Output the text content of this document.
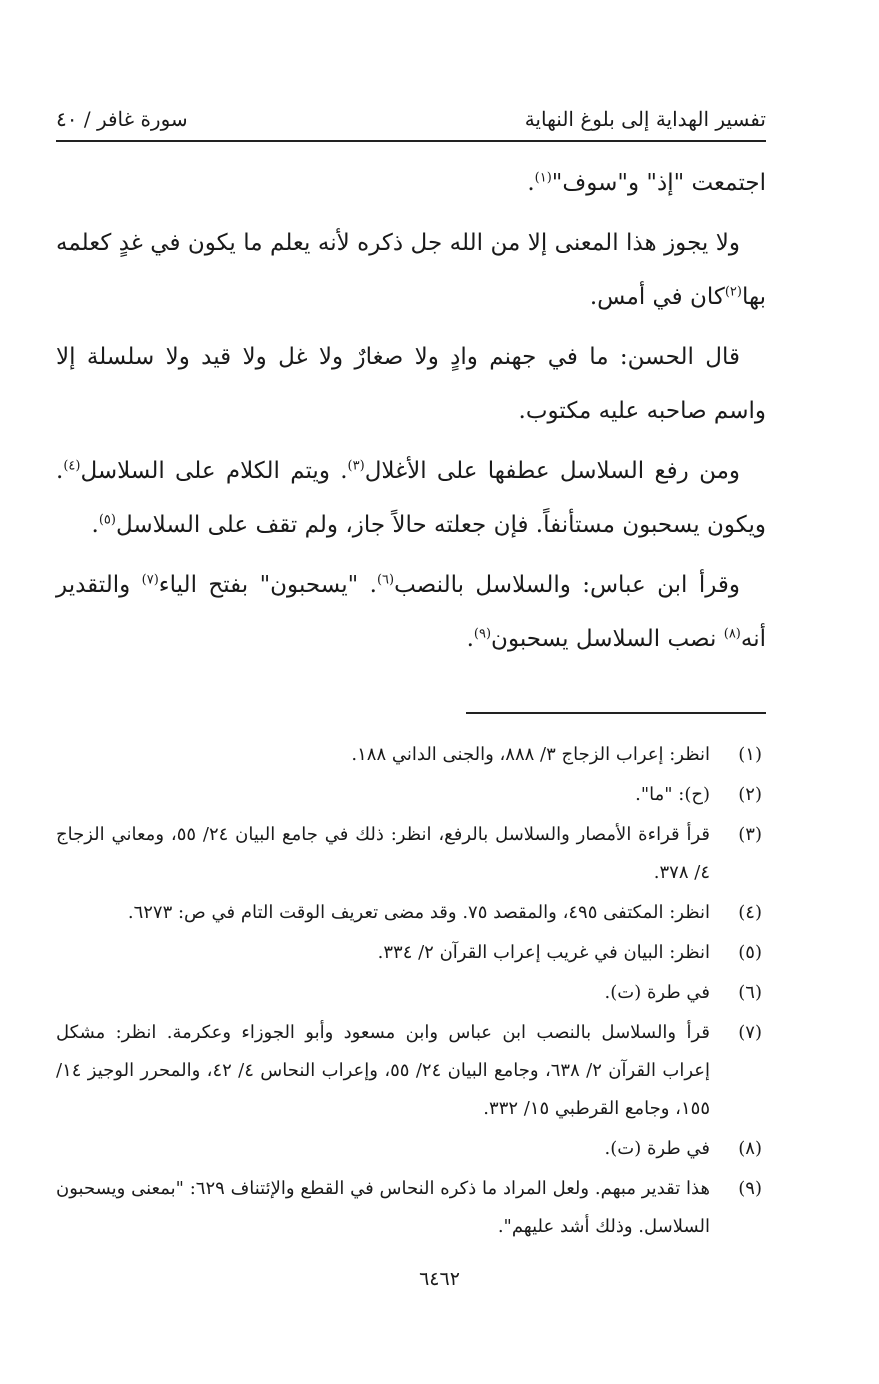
تفسير الهداية إلى بلوغ النهاية
سورة غافر / ٤٠

اجتمعت "إذ" و"سوف"$^{(١)}$.

ولا يجوز هذا المعنى إلا من الله جل ذكره لأنه يعلم ما يكون في غدٍ كعلمه بها$^{(٢)}$كان في أمس.

قال الحسن: ما في جهنم وادٍ ولا صغارٌ ولا غل ولا قيد ولا سلسلة إلا واسم صاحبه عليه مكتوب.

ومن رفع السلاسل عطفها على الأغلال$^{(٣)}$. ويتم الكلام على السلاسل$^{(٤)}$. ويكون يسحبون مستأنفاً. فإن جعلته حالاً جاز، ولم تقف على السلاسل$^{(٥)}$.

وقرأ ابن عباس: والسلاسل بالنصب$^{(٦)}$. "يسحبون" بفتح الياء$^{(٧)}$ والتقدير أنه$^{(٨)}$ نصب السلاسل يسحبون$^{(٩)}$.

(١)
انظر: إعراب الزجاج ٣/ ٨٨٨، والجنى الداني ١٨٨.
(٢)
(ح): "ما".
(٣)
قرأ قراءة الأمصار والسلاسل بالرفع، انظر: ذلك في جامع البيان ٢٤/ ٥٥، ومعاني الزجاج ٤/ ٣٧٨.
(٤)
انظر: المكتفى ٤٩٥، والمقصد ٧٥. وقد مضى تعريف الوقت التام في ص: ٦٢٧٣.
(٥)
انظر: البيان في غريب إعراب القرآن ٢/ ٣٣٤.
(٦)
في طرة (ت).
(٧)
قرأ والسلاسل بالنصب ابن عباس وابن مسعود وأبو الجوزاء وعكرمة. انظر: مشكل إعراب القرآن ٢/ ٦٣٨، وجامع البيان ٢٤/ ٥٥، وإعراب النحاس ٤/ ٤٢، والمحرر الوجيز ١٤/ ١٥٥، وجامع القرطبي ١٥/ ٣٣٢.
(٨)
في طرة (ت).
(٩)
هذا تقدير مبهم. ولعل المراد ما ذكره النحاس في القطع والإئتناف ٦٢٩: "بمعنى ويسحبون السلاسل. وذلك أشد عليهم".
٦٤٦٢
